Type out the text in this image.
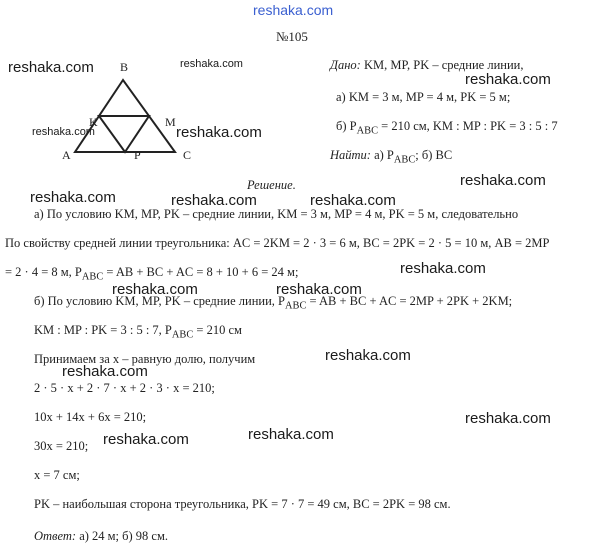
reshaka.com
№105
B
K	M
A	P	C
Дано: KM, MP, PK – средние линии,
а) KM = 3 м, MP = 4 м, PK = 5 м;
б) $P_{ABC} = 210$ см, KM : MP : PK = 3 : 5 : 7
Найти: а) $P_{ABC}$; б) BC
Решение.
а) По условию KM, MP, PK – средние линии, KM = 3 м, MP = 4 м, PK = 5 м, следовательно
По свойству средней линии треугольника: AC = 2KM = 2 · 3 = 6 м, BC = 2PK = 2 · 5 = 10 м, AB = 2MP
= 2 · 4 = 8 м, $P_{ABC}$ = AB + BC + AC = 8 + 10 + 6 = 24 м;
б) По условию KM, MP, PK – средние линии, $P_{ABC}$ = AB + BC + AC = 2MP + 2PK + 2KM;
KM : MP : PK = 3 : 5 : 7, $P_{ABC} = 210$ см
Принимаем за x – равную долю, получим
2 · 5 · x + 2 · 7 · x + 2 · 3 · x = 210;
10x + 14x + 6x = 210;
30x = 210;
x = 7 см;
PK – наибольшая сторона треугольника, PK = 7 · 7 = 49 см, BC = 2PK = 98 см.
Ответ: а) 24 м; б) 98 см.
reshaka.com	reshaka.com
reshaka.com
reshaka.com	reshaka.com
reshaka.com
reshaka.com	reshaka.com	reshaka.com
reshaka.com
reshaka.com	reshaka.com
reshaka.com
reshaka.com
reshaka.com	reshaka.com
reshaka.com
